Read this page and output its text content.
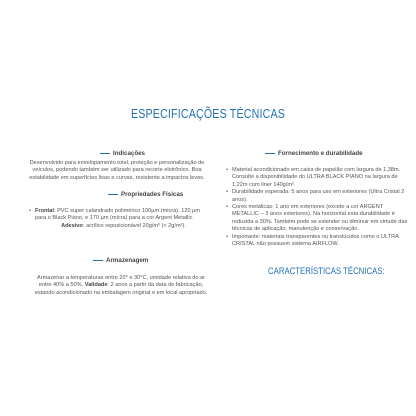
ESPECIFICAÇÕES TÉCNICAS
Indicações
Desenvolvido para envelopamento total, proteção e personalização de veículos, podendo também ser utilizado para recorte eletrônico. Boa estabilidade em superfícies lisas e curvas, resistente a impactos leves.
Propriedades Físicas
• Frontal: PVC super calandrado polimérico 100µm (micra). 120 µm para o Black Piano, e 170 µm (micra) para a cor Argent Metallic.
Adesivo: acrílico reposicionável 20g/m² (< 2g/m²).
Armazenagem
Armazenar a temperaturas entre 20° e 30°C, umidade relativa do ar entre 40% a 50%. Validade: 2 anos a partir da data de fabricação, estando acondicionado na embalagem original e em local apropriado.
Fornecimento e durabilidade
• Material acondicionado em caixa de papelão com largura de 1,38m. Consulte a disponibilidade do ULTRA BLACK PIANO na largura de 1,22m com liner 140g/m².
• Durabilidade esperada: 5 anos para uso em exteriores (Ultra Cristal 2 anos).
• Cores metálicas: 1 ano em exteriores (exceto a cor ARGENT METALLIC – 3 anos exteriores). Na horizontal esta durabilidade é reduzida a 30%. Também pode se estender ou diminuir em virtude das técnicas de aplicação, manutenção e conservação.
• Importante: materiais transparentes ou translúcidos como o ULTRA CRISTAL não possuem sistema AIRFLOW.
CARACTERÍSTICAS TÉCNICAS:
